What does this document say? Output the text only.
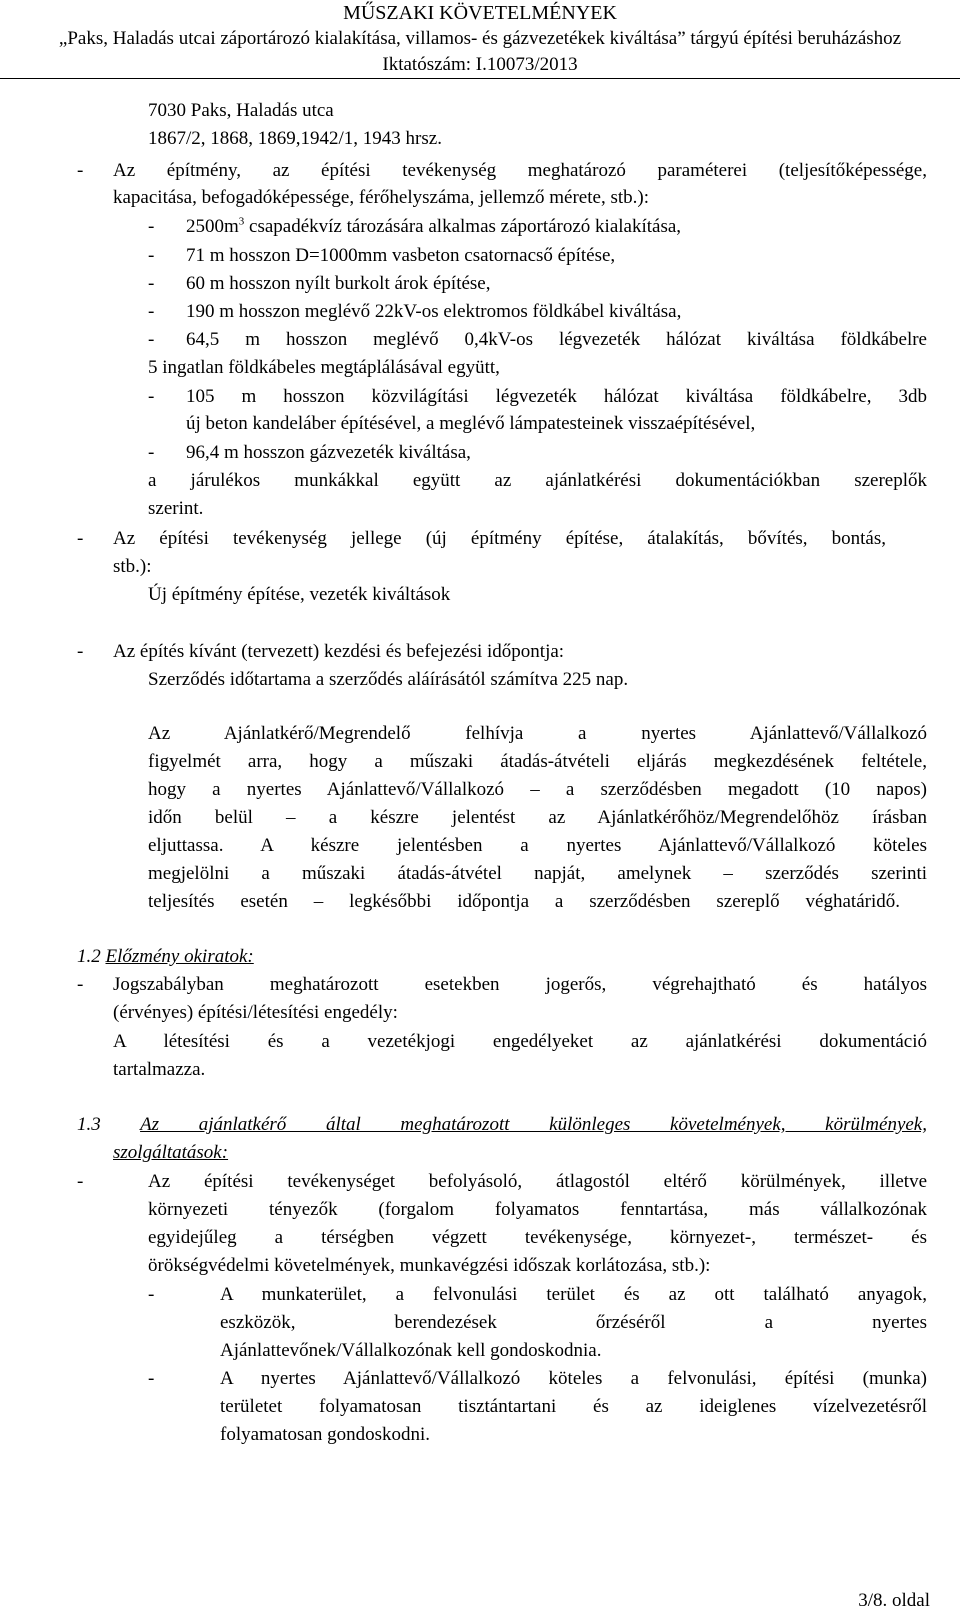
MŰSZAKI KÖVETELMÉNYEK
„Paks, Haladás utcai záportározó kialakítása, villamos- és gázvezetékek kiváltása” tárgyú építési beruházáshoz
Iktatószám: I.10073/2013
7030 Paks, Haladás utca
1867/2, 1868, 1869,1942/1, 1943 hrsz.
- Az építmény, az építési tevékenység meghatározó paraméterei (teljesítőképessége,
kapacitása, befogadóképessége, férőhelyszáma, jellemző mérete, stb.):
- $2500m^3$ csapadékvíz tározására alkalmas záportározó kialakítása,
- 71 m hosszon D=1000mm vasbeton csatornacső építése,
- 60 m hosszon nyílt burkolt árok építése,
- 190 m hosszon meglévő 22kV-os elektromos földkábel kiváltása,
- 64,5 m hosszon meglévő 0,4kV-os légvezeték hálózat kiváltása földkábelre
5 ingatlan földkábeles megtáplálásával együtt,
- 105 m hosszon közvilágítási légvezeték hálózat kiváltása földkábelre, 3db
új beton kandeláber építésével, a meglévő lámpatesteinek visszaépítésével,
- 96,4 m hosszon gázvezeték kiváltása,
a járulékos munkákkal együtt az ajánlatkérési dokumentációkban szereplők
szerint.
- Az építési tevékenység jellege (új építmény építése, átalakítás, bővítés, bontás,
stb.):
Új építmény építése, vezeték kiváltások
- Az építés kívánt (tervezett) kezdési és befejezési időpontja:
Szerződés időtartama a szerződés aláírásától számítva 225 nap.
Az Ajánlatkérő/Megrendelő felhívja a nyertes Ajánlattevő/Vállalkozó
figyelmét arra, hogy a műszaki átadás-átvételi eljárás megkezdésének feltétele,
hogy a nyertes Ajánlattevő/Vállalkozó – a szerződésben megadott (10 napos)
időn belül – a készre jelentést az Ajánlatkérőhöz/Megrendelőhöz írásban
eljuttassa. A készre jelentésben a nyertes Ajánlattevő/Vállalkozó köteles
megjelölni a műszaki átadás-átvétel napját, amelynek – szerződés szerinti
teljesítés esetén – legkésőbbi időpontja a szerződésben szereplő véghatáridő.
1.2 Előzmény okiratok:
- Jogszabályban meghatározott esetekben jogerős, végrehajtható és hatályos
(érvényes) építési/létesítési engedély:
A létesítési és a vezetékjogi engedélyeket az ajánlatkérési dokumentáció
tartalmazza.
1.3 Az ajánlatkérő által meghatározott különleges követelmények, körülmények,
szolgáltatások:
-	Az építési tevékenységet befolyásoló, átlagostól eltérő körülmények, illetve
környezeti tényezők (forgalom folyamatos fenntartása, más vállalkozónak
egyidejűleg a térségben végzett tevékenysége, környezet-, természet- és
örökségvédelmi követelmények, munkavégzési időszak korlátozása, stb.):
-	A munkaterület, a felvonulási terület és az ott található anyagok,
eszközök, berendezések őrzéséről a nyertes
Ajánlattevőnek/Vállalkozónak kell gondoskodnia.
-	A nyertes Ajánlattevő/Vállalkozó köteles a felvonulási, építési (munka)
területet folyamatosan tisztántartani és az ideiglenes vízelvezetésről
folyamatosan gondoskodni.
3/8. oldal
